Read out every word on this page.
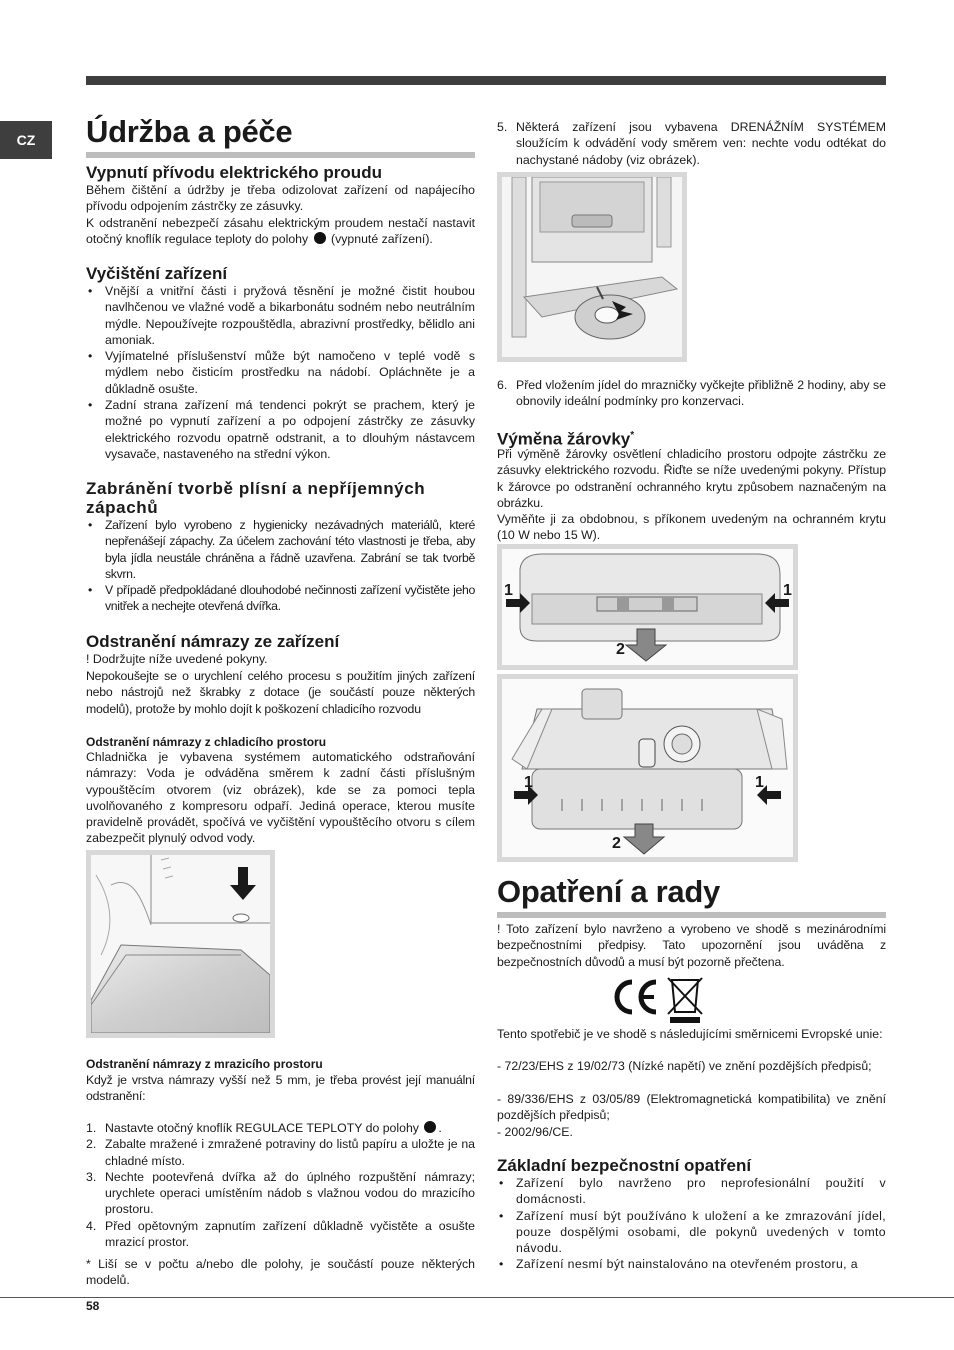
CZ	Údržba a péče
Vypnutí přívodu elektrického proudu
Během čištění a údržby je třeba odizolovat zařízení od napájecího přívodu odpojením zástrčky ze zásuvky.
K odstranění nebezpečí zásahu elektrickým proudem nestačí nastavit otočný knoflík regulace teploty do polohy (vypnuté zařízení).
Vyčištění zařízení
• Vnější a vnitřní části i pryžová těsnění je možné čistit houbou navlhčenou ve vlažné vodě a bikarbonátu sodném nebo neutrálním mýdle. Nepoužívejte rozpouštědla, abrazivní prostředky, bělidlo ani amoniak.
• Vyjímatelné příslušenství může být namočeno v teplé vodě s mýdlem nebo čisticím prostředku na nádobí. Opláchněte je a důkladně osušte.
• Zadní strana zařízení má tendenci pokrýt se prachem, který je možné po vypnutí zařízení a po odpojení zástrčky ze zásuvky elektrického rozvodu opatrně odstranit, a to dlouhým nástavcem vysavače, nastaveného na střední výkon.
Zabránění tvorbě plísní a nepříjemných zápachů
• Zařízení bylo vyrobeno z hygienicky nezávadných materiálů, které nepřenášejí zápachy. Za účelem zachování této vlastnosti je třeba, aby byla jídla neustále chráněna a řádně uzavřena. Zabrání se tak tvorbě skvrn.
• V případě předpokládané dlouhodobé nečinnosti zařízení vyčistěte jeho vnitřek a nechejte otevřená dvířka.
Odstranění námrazy ze zařízení
! Dodržujte níže uvedené pokyny.
Nepokoušejte se o urychlení celého procesu s použitím jiných zařízení nebo nástrojů než škrabky z dotace (je součástí pouze některých modelů), protože by mohlo dojít k poškození chladicího rozvodu
Odstranění námrazy z chladicího prostoru
Chladnička je vybavena systémem automatického odstraňování námrazy: Voda je odváděna směrem k zadní části příslušným vypouštěcím otvorem (viz obrázek), kde se za pomoci tepla uvolňovaného z kompresoru odpaří. Jediná operace, kterou musíte pravidelně provádět, spočívá ve vyčištění vypouštěcího otvoru s cílem zabezpečit plynulý odvod vody.
Odstranění námrazy z mrazicího prostoru
Když je vrstva námrazy vyšší než 5 mm, je třeba provést její manuální odstranění:
1. Nastavte otočný knoflík REGULACE TEPLOTY do polohy .
2. Zabalte mražené i zmražené potraviny do listů papíru a uložte je na chladné místo.
3. Nechte pootevřená dvířka až do úplného rozpuštění námrazy; urychlete operaci umístěním nádob s vlažnou vodou do mrazicího prostoru.
4. Před opětovným zapnutím zařízení důkladně vyčistěte a osušte mrazicí prostor.
* Liší se v počtu a/nebo dle polohy, je součástí pouze některých modelů.
5. Některá zařízení jsou vybavena DRENÁŽNÍM SYSTÉMEM sloužícím k odvádění vody směrem ven: nechte vodu odtékat do nachystané nádoby (viz obrázek).
6. Před vložením jídel do mrazničky vyčkejte přibližně 2 hodiny, aby se obnovily ideální podmínky pro konzervaci.
Výměna žárovky*
Při výměně žárovky osvětlení chladicího prostoru odpojte zástrčku ze zásuvky elektrického rozvodu. Řiďte se níže uvedenými pokyny. Přístup k žárovce po odstranění ochranného krytu způsobem naznačeným na obrázku.
Vyměňte ji za obdobnou, s příkonem uvedeným na ochranném krytu (10 W nebo 15 W).
1	1
2
1	1
2
Opatření a rady
! Toto zařízení bylo navrženo a vyrobeno ve shodě s mezinárodními bezpečnostními předpisy. Tato upozornění jsou uváděna z bezpečnostních důvodů a musí být pozorně přečtena.
Tento spotřebič je ve shodě s následujícími směrnicemi Evropské unie:
- 72/23/EHS z 19/02/73 (Nízké napětí) ve znění pozdějších předpisů;
- 89/336/EHS z 03/05/89 (Elektromagnetická kompatibilita) ve znění pozdějších předpisů;
- 2002/96/CE.
Základní bezpečnostní opatření
• Zařízení bylo navrženo pro neprofesionální použití v domácnosti.
• Zařízení musí být používáno k uložení a ke zmrazování jídel, pouze dospělými osobami, dle pokynů uvedených v tomto návodu.
• Zařízení nesmí být nainstalováno na otevřeném prostoru, a
58
